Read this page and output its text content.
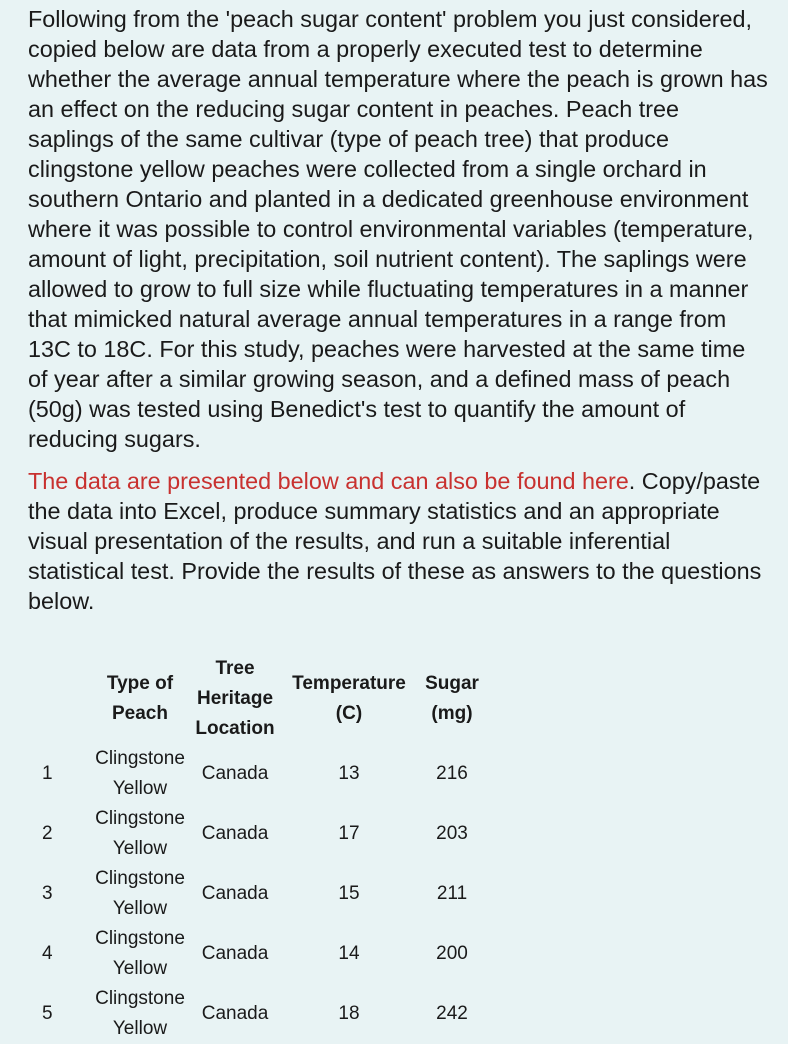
Following from the 'peach sugar content' problem you just considered, copied below are data from a properly executed test to determine whether the average annual temperature where the peach is grown has an effect on the reducing sugar content in peaches. Peach tree saplings of the same cultivar (type of peach tree) that produce clingstone yellow peaches were collected from a single orchard in southern Ontario and planted in a dedicated greenhouse environment where it was possible to control environmental variables (temperature, amount of light, precipitation, soil nutrient content). The saplings were allowed to grow to full size while fluctuating temperatures in a manner that mimicked natural average annual temperatures in a range from 13C to 18C. For this study, peaches were harvested at the same time of year after a similar growing season, and a defined mass of peach (50g) was tested using Benedict's test to quantify the amount of reducing sugars.

The data are presented below and can also be found here. Copy/paste the data into Excel, produce summary statistics and an appropriate visual presentation of the results, and run a suitable inferential statistical test. Provide the results of these as answers to the questions below.

	Type of Peach	Tree Heritage Location	Temperature (C)	Sugar (mg)
1	Clingstone Yellow	Canada	13	216
2	Clingstone Yellow	Canada	17	203
3	Clingstone Yellow	Canada	15	211
4	Clingstone Yellow	Canada	14	200
5	Clingstone Yellow	Canada	18	242
